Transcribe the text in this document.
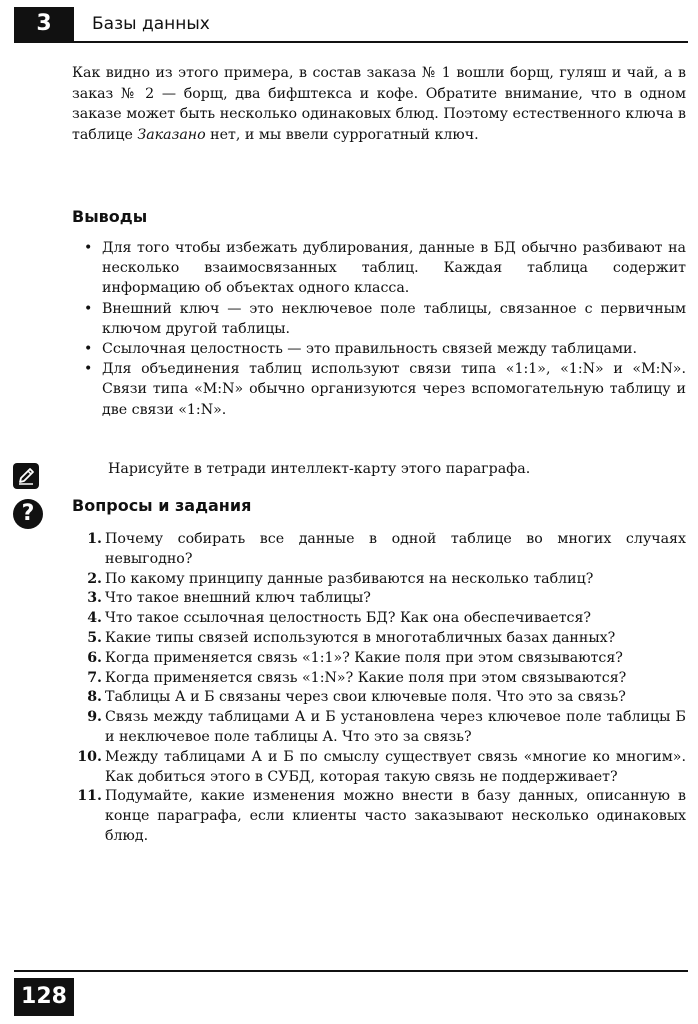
3	Базы данных

Как видно из этого примера, в состав заказа № 1 вошли борщ, гуляш и чай, а в заказ № 2 — борщ, два бифштекса и кофе. Обратите внимание, что в одном заказе может быть несколько одинаковых блюд. Поэтому естественного ключа в таблице Заказано нет, и мы ввели суррогатный ключ.

Выводы
• Для того чтобы избежать дублирования, данные в БД обычно разбивают на несколько взаимосвязанных таблиц. Каждая таблица содержит информацию об объектах одного класса.
• Внешний ключ — это неключевое поле таблицы, связанное с первичным ключом другой таблицы.
• Ссылочная целостность — это правильность связей между таблицами.
• Для объединения таблиц используют связи типа «1:1», «1:N» и «M:N». Связи типа «M:N» обычно организуются через вспомогательную таблицу и две связи «1:N».
Нарисуйте в тетради интеллект-карту этого параграфа.
?	Вопросы и задания
1. Почему собирать все данные в одной таблице во многих случаях невыгодно?
2. По какому принципу данные разбиваются на несколько таблиц?
3. Что такое внешний ключ таблицы?
4. Что такое ссылочная целостность БД? Как она обеспечивается?
5. Какие типы связей используются в многотабличных базах данных?
6. Когда применяется связь «1:1»? Какие поля при этом связываются?
7. Когда применяется связь «1:N»? Какие поля при этом связываются?
8. Таблицы А и Б связаны через свои ключевые поля. Что это за связь?
9. Связь между таблицами А и Б установлена через ключевое поле таблицы Б и неключевое поле таблицы А. Что это за связь?
10. Между таблицами А и Б по смыслу существует связь «многие ко многим». Как добиться этого в СУБД, которая такую связь не поддерживает?
11. Подумайте, какие изменения можно внести в базу данных, описанную в конце параграфа, если клиенты часто заказывают несколько одинаковых блюд.
128
